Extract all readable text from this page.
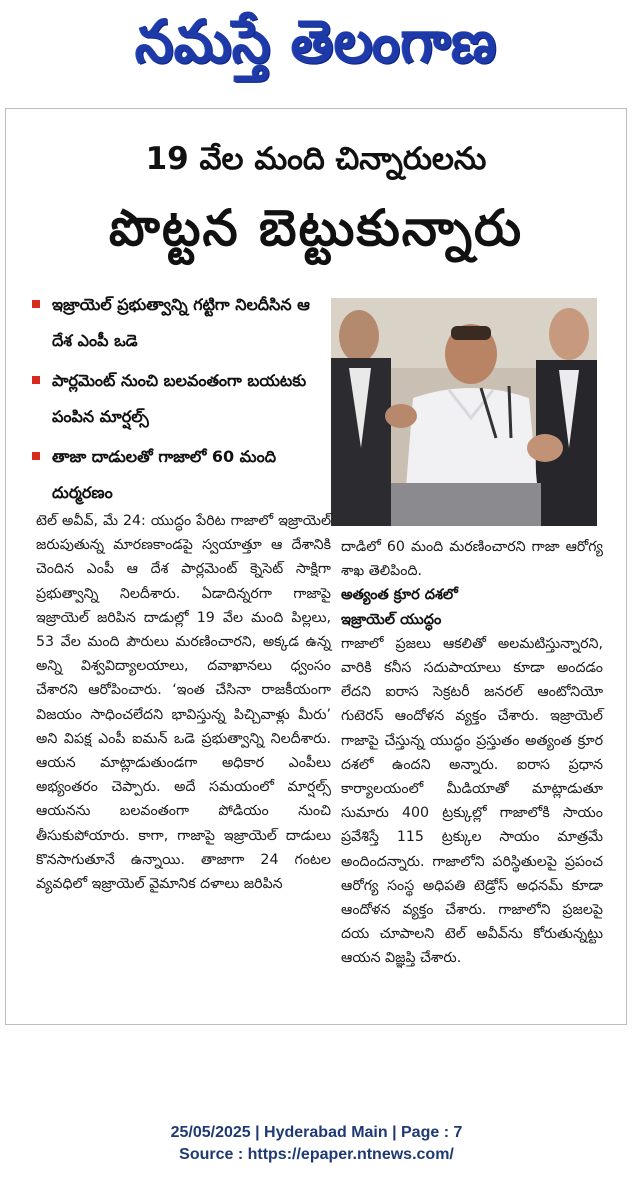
నమస్తే తెలంగాణ
19 వేల మంది చిన్నారులను
పొట్టన బెట్టుకున్నారు
ఇజ్రాయెల్ ప్రభుత్వాన్ని గట్టిగా నిలదీసిన ఆ దేశ ఎంపీ ఒడె
పార్లమెంట్ నుంచి బలవంతంగా బయటకు పంపిన మార్షల్స్
తాజా దాడులతో గాజాలో 60 మంది దుర్మరణం
టెల్ అవీవ్, మే 24: యుద్ధం పేరిట గాజాలో ఇజ్రాయెల్ జరుపుతున్న మారణకాండపై స్వయాత్తూ ఆ దేశానికి చెందిన ఎంపీ ఆ దేశ పార్లమెంట్ క్నెసెట్ సాక్షిగా ప్రభుత్వాన్ని నిలదీశారు. ఏడాదిన్నరగా గాజాపై ఇజ్రాయెల్ జరిపిన దాడుల్లో 19 వేల మంది పిల్లలు, 53 వేల మంది పౌరులు మరణించారని, అక్కడ ఉన్న అన్ని విశ్వవిద్యాలయాలు, దవాఖానలు ధ్వంసం చేశారని ఆరోపించారు. ‘ఇంత చేసినా రాజకీయంగా విజయం సాధించలేదని భావిస్తున్న పిచ్చివాళ్లు మీరు’ అని విపక్ష ఎంపీ ఐమన్ ఒడె ప్రభుత్వాన్ని నిలదీశారు. ఆయన మాట్లాడుతుండగా అధికార ఎంపీలు అభ్యంతరం చెప్పారు. అదే సమయంలో మార్షల్స్ ఆయనను బలవంతంగా పోడియం నుంచి తీసుకుపోయారు. కాగా, గాజాపై ఇజ్రాయెల్ దాడులు కొనసాగుతూనే ఉన్నాయి. తాజాగా 24 గంటల వ్యవధిలో ఇజ్రాయెల్ వైమానిక దళాలు జరిపిన
దాడిలో 60 మంది మరణించారని గాజా ఆరోగ్య శాఖ తెలిపింది.
అత్యంత క్రూర దశలో
ఇజ్రాయెల్ యుద్ధం
గాజాలో ప్రజలు ఆకలితో అలమటిస్తున్నారని, వారికి కనీస సదుపాయాలు కూడా అందడం లేదని ఐరాస సెక్రటరీ జనరల్ ఆంటోనియో గుటెరస్ ఆందోళన వ్యక్తం చేశారు. ఇజ్రాయెల్ గాజాపై చేస్తున్న యుద్ధం ప్రస్తుతం అత్యంత క్రూర దశలో ఉందని అన్నారు. ఐరాస ప్రధాన కార్యాలయంలో మీడియాతో మాట్లాడుతూ సుమారు 400 ట్రక్కుల్లో గాజాలోకి సాయం ప్రవేశిస్తే 115 ట్రక్కుల సాయం మాత్రమే అందిందన్నారు. గాజాలోని పరిస్థితులపై ప్రపంచ ఆరోగ్య సంస్థ అధిపతి టెడ్రోస్ అధనమ్ కూడా ఆందోళన వ్యక్తం చేశారు. గాజాలోని ప్రజలపై దయ చూపాలని టెల్ అవీవ్‌ను కోరుతున్నట్టు ఆయన విజ్ఞప్తి చేశారు.
25/05/2025 | Hyderabad Main | Page : 7
Source : https://epaper.ntnews.com/
